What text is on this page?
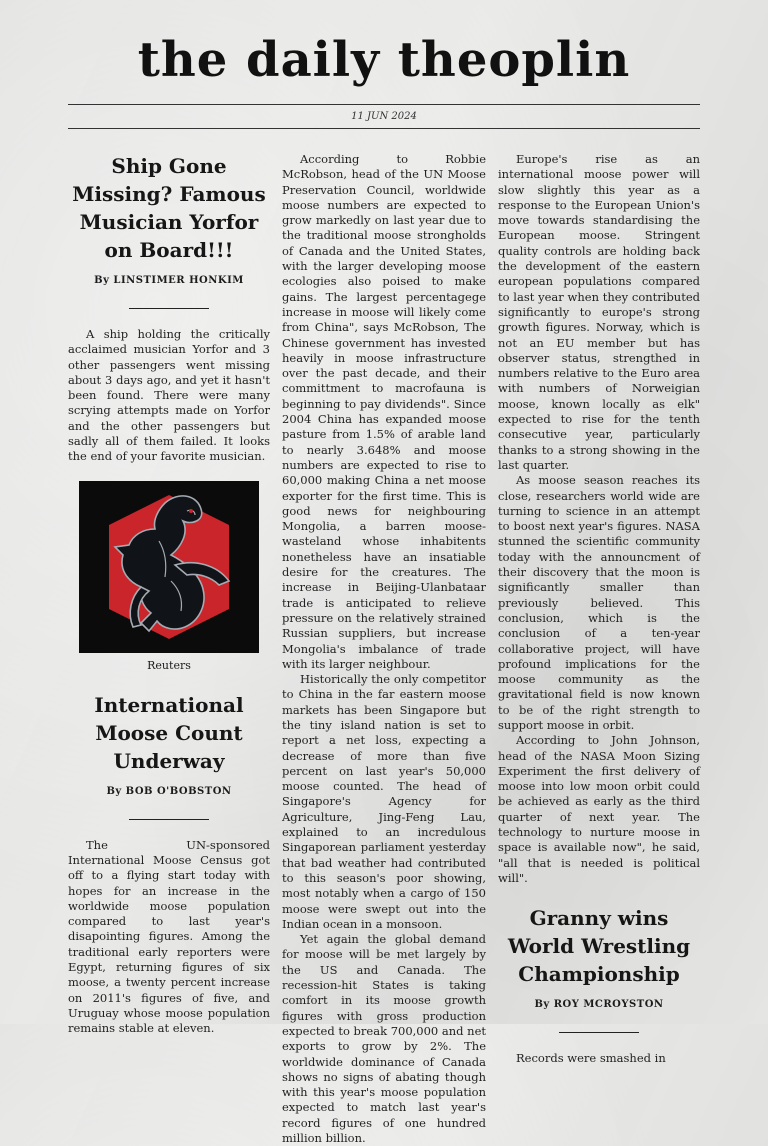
the daily theoplin
11 JUN 2024
Ship Gone Missing? Famous Musician Yorfor on Board!!!
By LINSTIMER HONKIM

A ship holding the critically acclaimed musician Yorfor and 3 other passengers went missing about 3 days ago, and yet it hasn't been found. There were many scrying attempts made on Yorfor and the other passengers but sadly all of them failed. It looks the end of your favorite musician.

Reuters
International Moose Count Underway
By BOB O'BOBSTON

The UN-sponsored International Moose Census got off to a flying start today with hopes for an increase in the worldwide moose population compared to last year's disapointing figures. Among the traditional early reporters were Egypt, returning figures of six moose, a twenty percent increase on 2011's figures of five, and Uruguay whose moose population remains stable at eleven.

According to Robbie McRobson, head of the UN Moose Preservation Council, worldwide moose numbers are expected to grow markedly on last year due to the traditional moose strongholds of Canada and the United States, with the larger developing moose ecologies also poised to make gains. The largest percentagege increase in moose will likely come from China", says McRobson, The Chinese government has invested heavily in moose infrastructure over the past decade, and their committment to macrofauna is beginning to pay dividends". Since 2004 China has expanded moose pasture from 1.5% of arable land to nearly 3.648% and moose numbers are expected to rise to 60,000 making China a net moose exporter for the first time. This is good news for neighbouring Mongolia, a barren moose-wasteland whose inhabitents nonetheless have an insatiable desire for the creatures. The increase in Beijing-Ulanbataar trade is anticipated to relieve pressure on the relatively strained Russian suppliers, but increase Mongolia's imbalance of trade with its larger neighbour.

Historically the only competitor to China in the far eastern moose markets has been Singapore but the tiny island nation is set to report a net loss, expecting a decrease of more than five percent on last year's 50,000 moose counted. The head of Singapore's Agency for Agriculture, Jing-Feng Lau, explained to an incredulous Singaporean parliament yesterday that bad weather had contributed to this season's poor showing, most notably when a cargo of 150 moose were swept out into the Indian ocean in a monsoon.

Yet again the global demand for moose will be met largely by the US and Canada. The recession-hit States is taking comfort in its moose growth figures with gross production expected to break 700,000 and net exports to grow by 2%. The worldwide dominance of Canada shows no signs of abating though with this year's moose population expected to match last year's record figures of one hundred million billion.

Europe's rise as an international moose power will slow slightly this year as a response to the European Union's move towards standardising the European moose. Stringent quality controls are holding back the development of the eastern european populations compared to last year when they contributed significantly to europe's strong growth figures. Norway, which is not an EU member but has observer status, strengthed in numbers relative to the Euro area with numbers of Norweigian moose, known locally as elk" expected to rise for the tenth consecutive year, particularly thanks to a strong showing in the last quarter.

As moose season reaches its close, researchers world wide are turning to science in an attempt to boost next year's figures. NASA stunned the scientific community today with the announcment of their discovery that the moon is significantly smaller than previously believed. This conclusion, which is the conclusion of a ten-year collaborative project, will have profound implications for the moose community as the gravitational field is now known to be of the right strength to support moose in orbit.

According to John Johnson, head of the NASA Moon Sizing Experiment the first delivery of moose into low moon orbit could be achieved as early as the third quarter of next year. The technology to nurture moose in space is available now", he said, "all that is needed is political will".

Granny wins World Wrestling Championship
By ROY MCROYSTON

Records were smashed in
